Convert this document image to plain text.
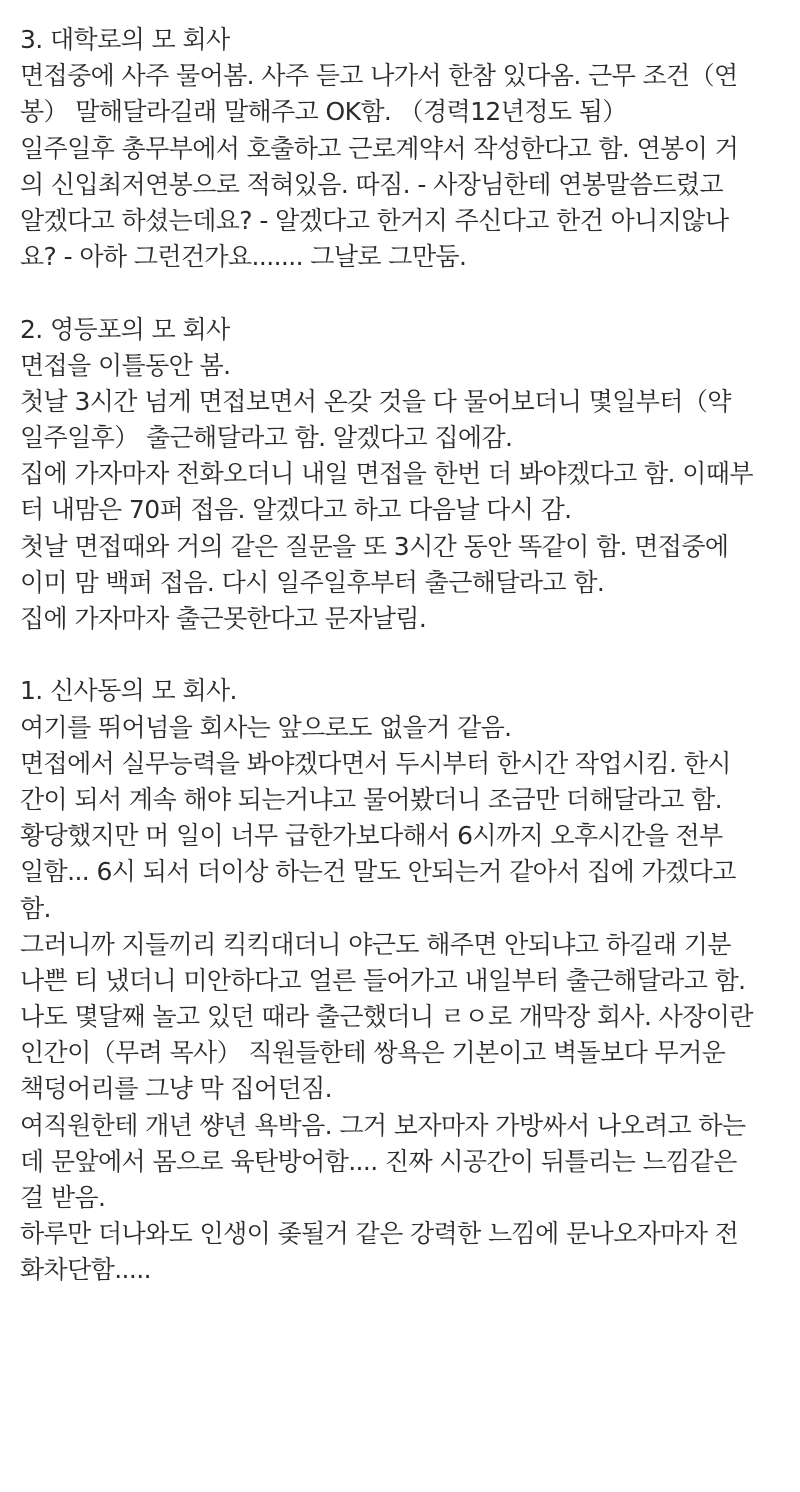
3. 대학로의 모 회사
면접중에 사주 물어봄. 사주 듣고 나가서 한참 있다옴. 근무 조건（연
봉） 말해달라길래 말해주고 OK함. （경력12년정도 됨）
일주일후 총무부에서 호출하고 근로계약서 작성한다고 함. 연봉이 거
의 신입최저연봉으로 적혀있음. 따짐. - 사장님한테 연봉말씀드렸고
알겠다고 하셨는데요? - 알겠다고 한거지 주신다고 한건 아니지않나
요? - 아하 그런건가요....... 그날로 그만둠.
2. 영등포의 모 회사
면접을 이틀동안 봄.
첫날 3시간 넘게 면접보면서 온갖 것을 다 물어보더니 몇일부터（약
일주일후） 출근해달라고 함. 알겠다고 집에감.
집에 가자마자 전화오더니 내일 면접을 한번 더 봐야겠다고 함. 이때부
터 내맘은 70퍼 접음. 알겠다고 하고 다음날 다시 감.
첫날 면접때와 거의 같은 질문을 또 3시간 동안 똑같이 함. 면접중에
이미 맘 백퍼 접음. 다시 일주일후부터 출근해달라고 함.
집에 가자마자 출근못한다고 문자날림.
1. 신사동의 모 회사.
여기를 뛰어넘을 회사는 앞으로도 없을거 같음.
면접에서 실무능력을 봐야겠다면서 두시부터 한시간 작업시킴. 한시
간이 되서 계속 해야 되는거냐고 물어봤더니 조금만 더해달라고 함.
황당했지만 머 일이 너무 급한가보다해서 6시까지 오후시간을 전부
일함... 6시 되서 더이상 하는건 말도 안되는거 같아서 집에 가겠다고
함.
그러니까 지들끼리 킥킥대더니 야근도 해주면 안되냐고 하길래 기분
나쁜 티 냈더니 미안하다고 얼른 들어가고 내일부터 출근해달라고 함.
나도 몇달째 놀고 있던 때라 출근했더니 ㄹㅇ로 개막장 회사. 사장이란
인간이（무려 목사） 직원들한테 쌍욕은 기본이고 벽돌보다 무거운
책덩어리를 그냥 막 집어던짐.
여직원한테 개년 썅년 욕박음. 그거 보자마자 가방싸서 나오려고 하는
데 문앞에서 몸으로 육탄방어함.... 진짜 시공간이 뒤틀리는 느낌같은
걸 받음.
하루만 더나와도 인생이 좆될거 같은 강력한 느낌에 문나오자마자 전
화차단함.....
